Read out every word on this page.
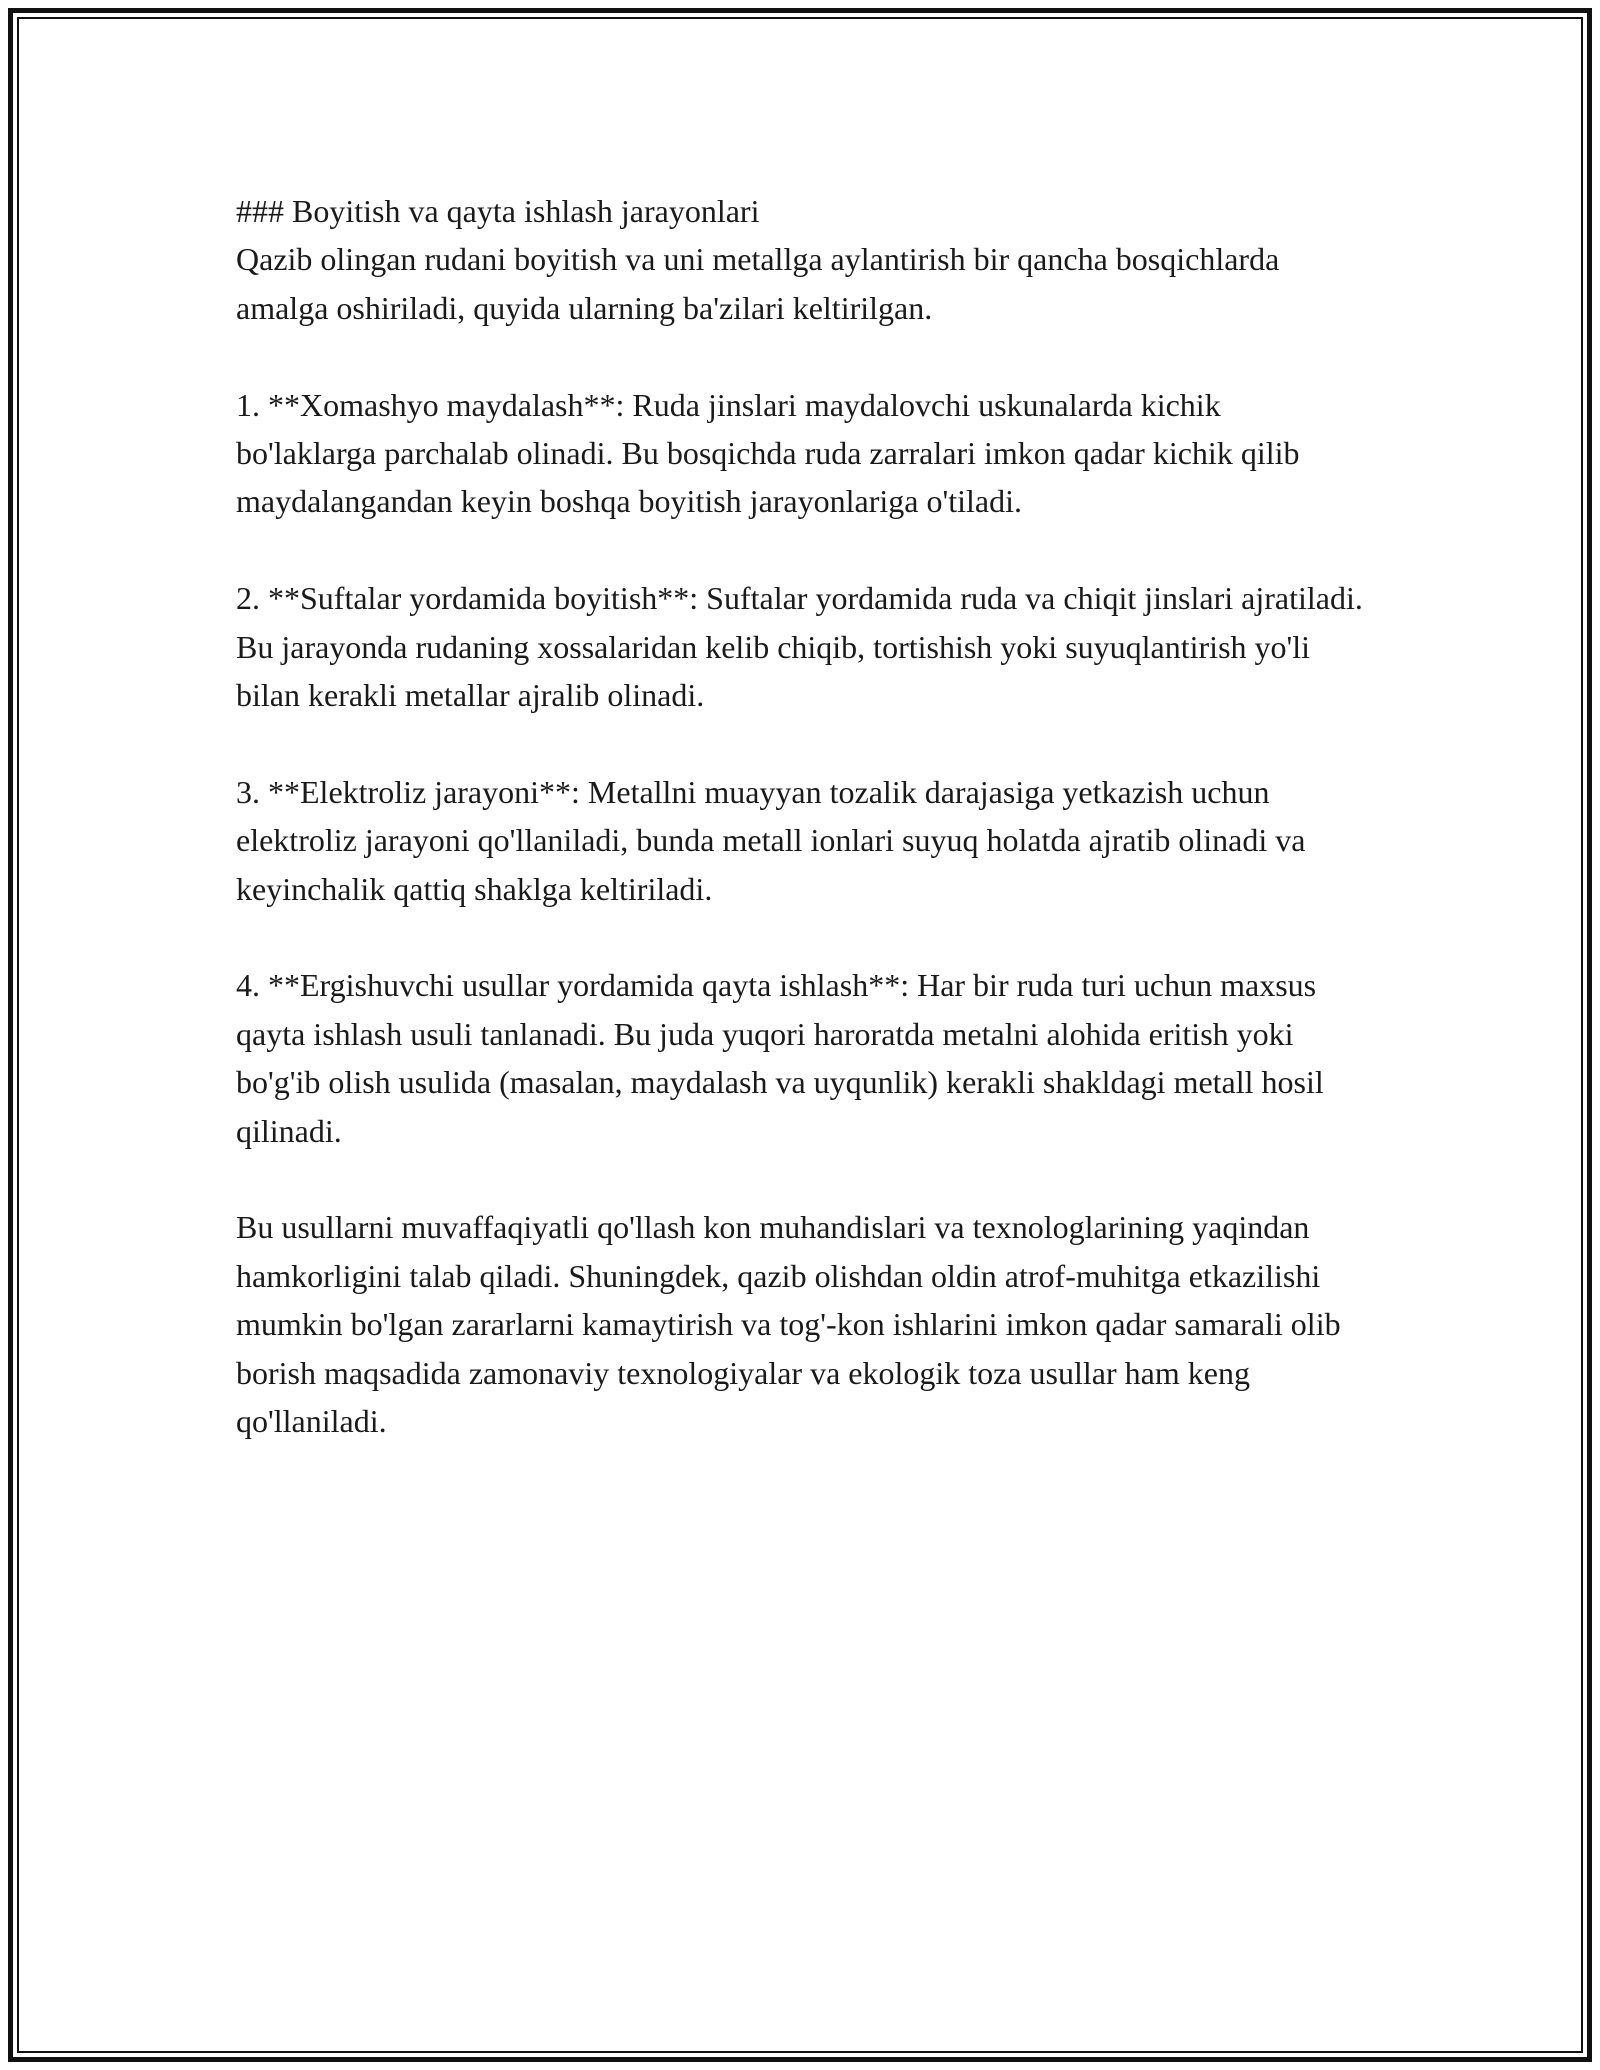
### Boyitish va qayta ishlash jarayonlari

Qazib olingan rudani boyitish va uni metallga aylantirish bir qancha bosqichlarda amalga oshiriladi, quyida ularning ba'zilari keltirilgan.

1. **Xomashyo maydalash**: Ruda jinslari maydalovchi uskunalarda kichik bo'laklarga parchalab olinadi. Bu bosqichda ruda zarralari imkon qadar kichik qilib maydalangandan keyin boshqa boyitish jarayonlariga o'tiladi.

2. **Suftalar yordamida boyitish**: Suftalar yordamida ruda va chiqit jinslari ajratiladi. Bu jarayonda rudaning xossalaridan kelib chiqib, tortishish yoki suyuqlantirish yo'li bilan kerakli metallar ajralib olinadi.

3. **Elektroliz jarayoni**: Metallni muayyan tozalik darajasiga yetkazish uchun elektroliz jarayoni qo'llaniladi, bunda metall ionlari suyuq holatda ajratib olinadi va keyinchalik qattiq shaklga keltiriladi.

4. **Ergishuvchi usullar yordamida qayta ishlash**: Har bir ruda turi uchun maxsus qayta ishlash usuli tanlanadi. Bu juda yuqori haroratda metalni alohida eritish yoki bo'g'ib olish usulida (masalan, maydalash va uyqunlik) kerakli shakldagi metall hosil qilinadi.

Bu usullarni muvaffaqiyatli qo'llash kon muhandislari va texnologlarining yaqindan hamkorligini talab qiladi. Shuningdek, qazib olishdan oldin atrof-muhitga etkazilishi mumkin bo'lgan zararlarni kamaytirish va tog'-kon ishlarini imkon qadar samarali olib borish maqsadida zamonaviy texnologiyalar va ekologik toza usullar ham keng qo'llaniladi.
